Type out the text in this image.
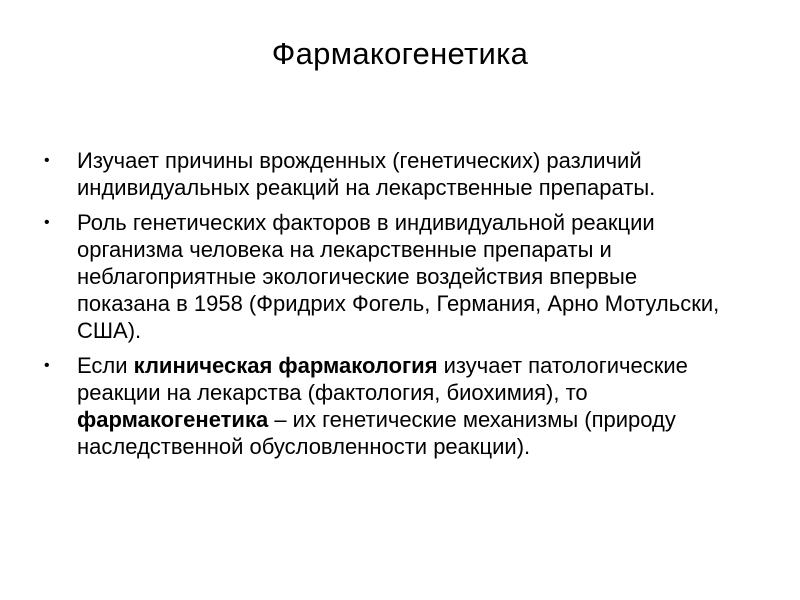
Фармакогенетика
• Изучает причины врожденных (генетических) различий индивидуальных реакций на лекарственные препараты.
• Роль генетических факторов в индивидуальной реакции организма человека на лекарственные препараты и неблагоприятные экологические воздействия впервые показана в 1958 (Фридрих Фогель, Германия, Арно Мотульски, США).
• Если клиническая фармакология изучает патологические реакции на лекарства (фактология, биохимия), то фармакогенетика – их генетические механизмы (природу наследственной обусловленности реакции).
